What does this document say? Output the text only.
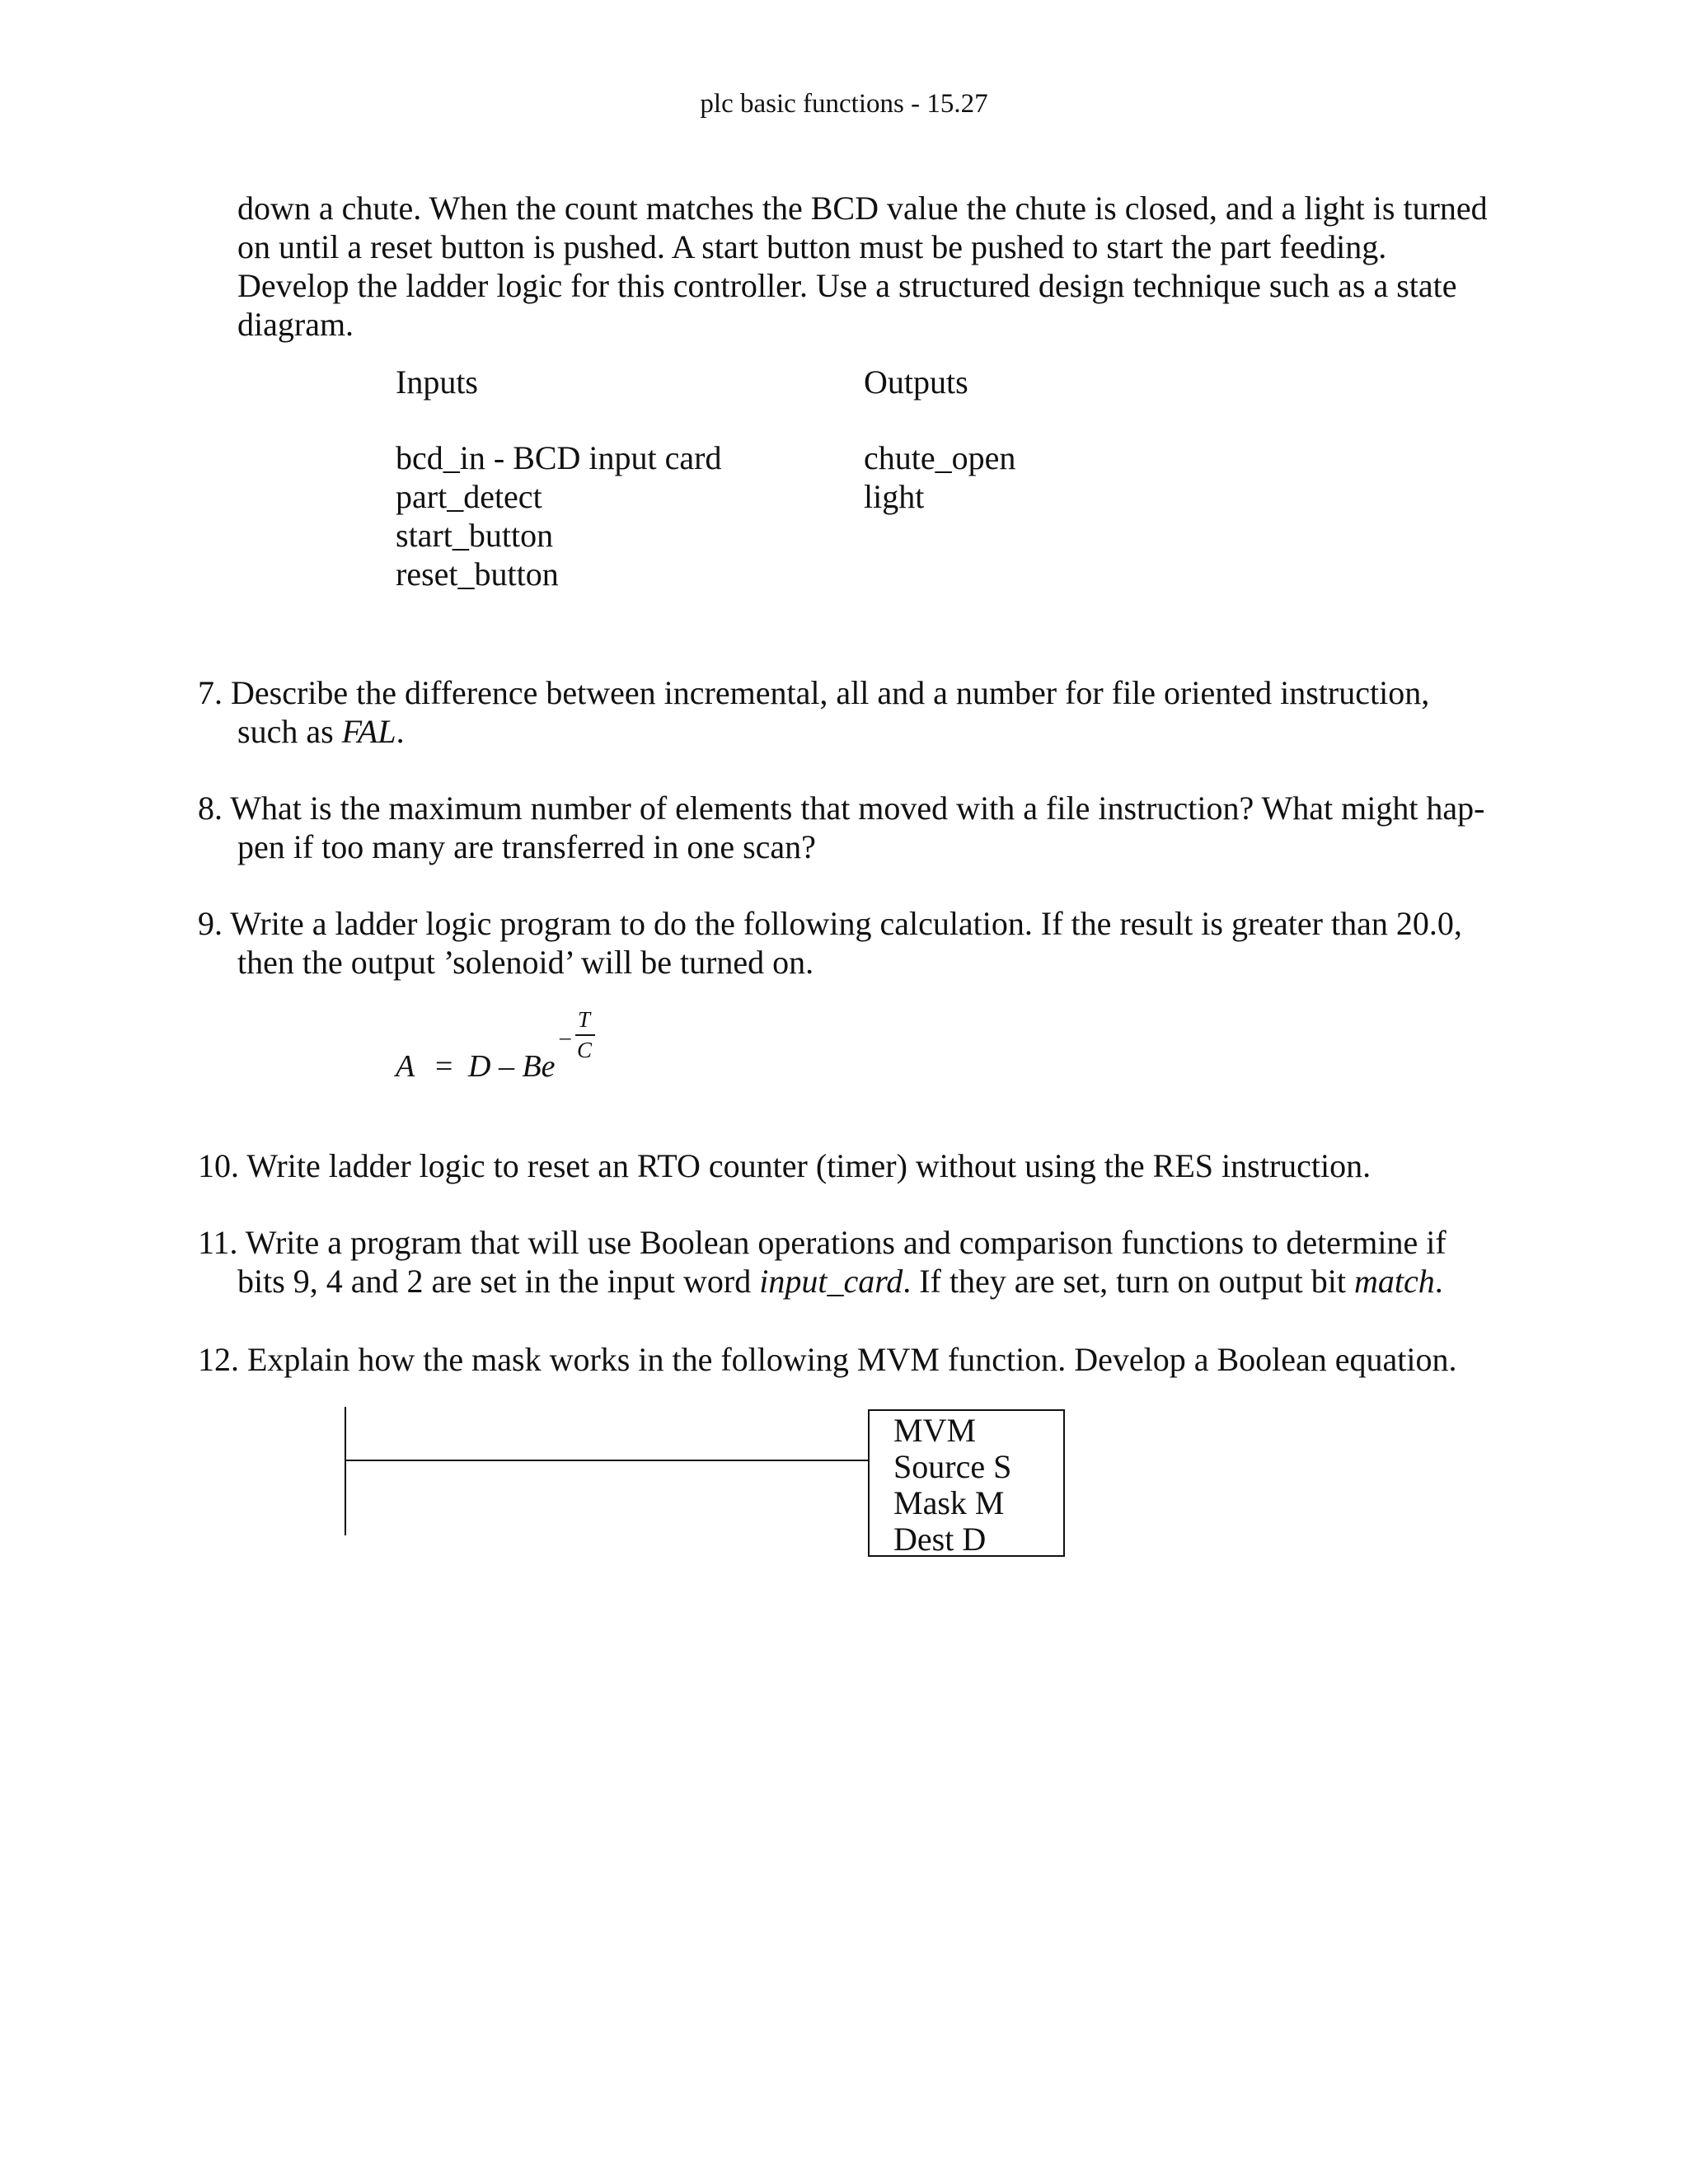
plc basic functions - 15.27
down a chute. When the count matches the BCD value the chute is closed, and a light is turned
on until a reset button is pushed. A start button must be pushed to start the part feeding.
Develop the ladder logic for this controller. Use a structured design technique such as a state
diagram.
Inputs	Outputs
bcd_in - BCD input card
part_detect
start_button
reset_button
chute_open
light
7. Describe the difference between incremental, all and a number for file oriented instruction,
such as FAL.
8. What is the maximum number of elements that moved with a file instruction? What might hap-
pen if too many are transferred in one scan?
9. Write a ladder logic program to do the following calculation. If the result is greater than 20.0,
then the output ’solenoid’ will be turned on.
A = D – Be
–
T
C
10. Write ladder logic to reset an RTO counter (timer) without using the RES instruction.
11. Write a program that will use Boolean operations and comparison functions to determine if
bits 9, 4 and 2 are set in the input word input_card. If they are set, turn on output bit match.
12. Explain how the mask works in the following MVM function. Develop a Boolean equation.
MVM
Source S
Mask M
Dest D
